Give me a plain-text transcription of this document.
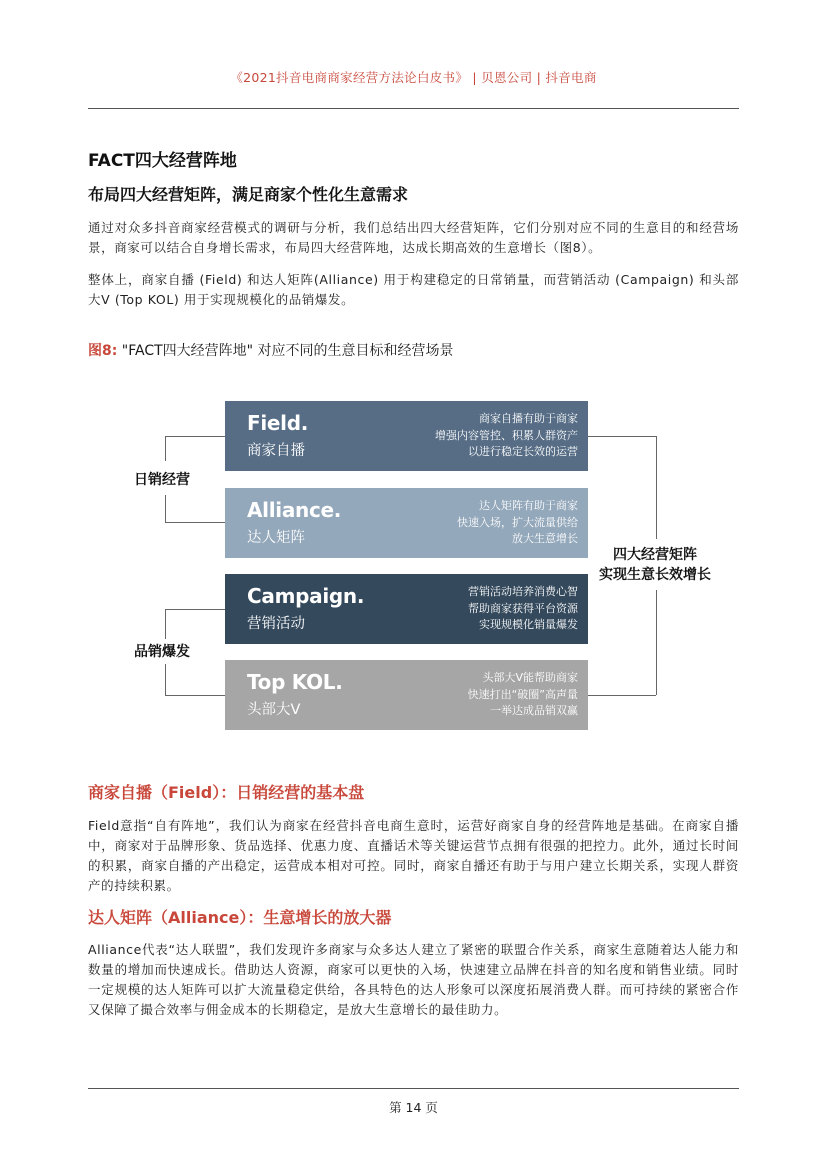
《2021抖音电商商家经营方法论白皮书》 | 贝恩公司 | 抖音电商
FACT四大经营阵地
布局四大经营矩阵，满足商家个性化生意需求

通过对众多抖音商家经营模式的调研与分析，我们总结出四大经营矩阵，它们分别对应不同的生意目的和经营场景，商家可以结合自身增长需求，布局四大经营阵地，达成长期高效的生意增长（图8）。

整体上，商家自播 (Field) 和达人矩阵(Alliance) 用于构建稳定的日常销量，而营销活动 (Campaign) 和头部大V (Top KOL) 用于实现规模化的品销爆发。

图8: "FACT四大经营阵地" 对应不同的生意目标和经营场景
日销经营
品销爆发
四大经营矩阵
实现生意长效增长
Field.
商家自播
商家自播有助于商家
增强内容管控、积累人群资产
以进行稳定长效的运营
Alliance.
达人矩阵
达人矩阵有助于商家
快速入场，扩大流量供给
放大生意增长
Campaign.
营销活动
营销活动培养消费心智
帮助商家获得平台资源
实现规模化销量爆发
Top KOL.
头部大V
头部大V能帮助商家
快速打出“破圈”高声量
一举达成品销双赢
商家自播（Field）：日销经营的基本盘

Field意指“自有阵地”，我们认为商家在经营抖音电商生意时，运营好商家自身的经营阵地是基础。在商家自播中，商家对于品牌形象、货品选择、优惠力度、直播话术等关键运营节点拥有很强的把控力。此外，通过长时间的积累，商家自播的产出稳定，运营成本相对可控。同时，商家自播还有助于与用户建立长期关系，实现人群资产的持续积累。

达人矩阵（Alliance）：生意增长的放大器

Alliance代表“达人联盟”，我们发现许多商家与众多达人建立了紧密的联盟合作关系，商家生意随着达人能力和数量的增加而快速成长。借助达人资源，商家可以更快的入场，快速建立品牌在抖音的知名度和销售业绩。同时一定规模的达人矩阵可以扩大流量稳定供给，各具特色的达人形象可以深度拓展消费人群。而可持续的紧密合作又保障了撮合效率与佣金成本的长期稳定，是放大生意增长的最佳助力。

第 14 页
